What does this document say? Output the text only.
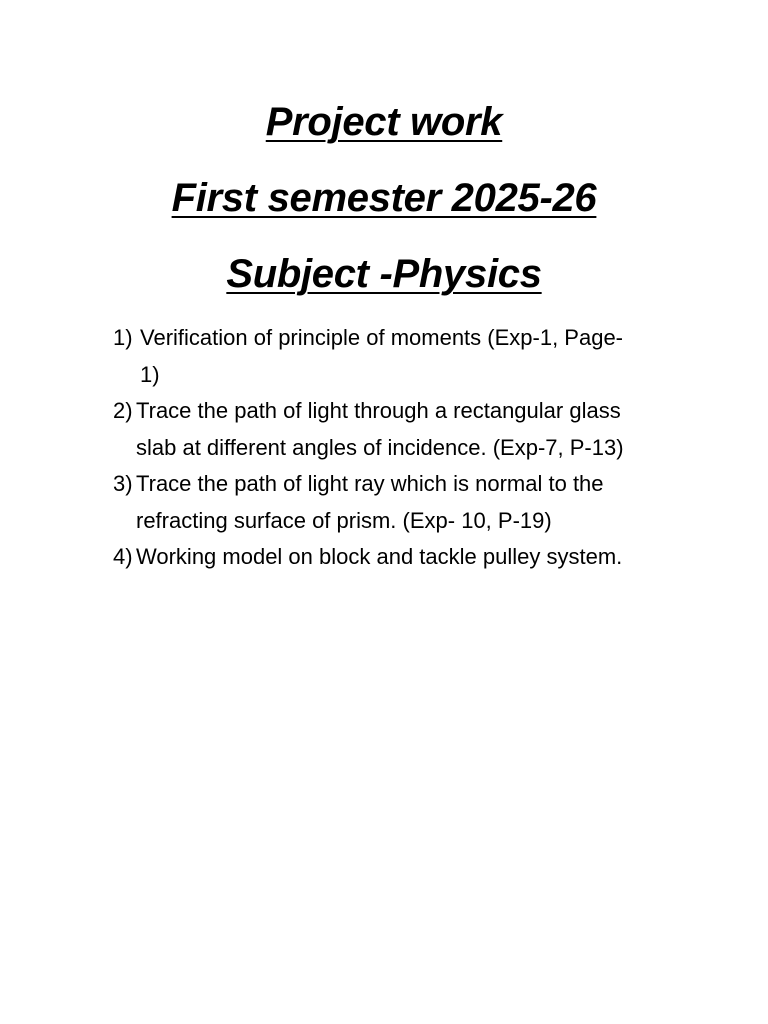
Project work
First semester 2025-26
Subject -Physics
1) Verification of principle of moments (Exp-1, Page-
1)
2) Trace the path of light through a rectangular glass
slab at different angles of incidence. (Exp-7, P-13)
3) Trace the path of light ray which is normal to the
refracting surface of prism. (Exp- 10, P-19)
4) Working model on block and tackle pulley system.
